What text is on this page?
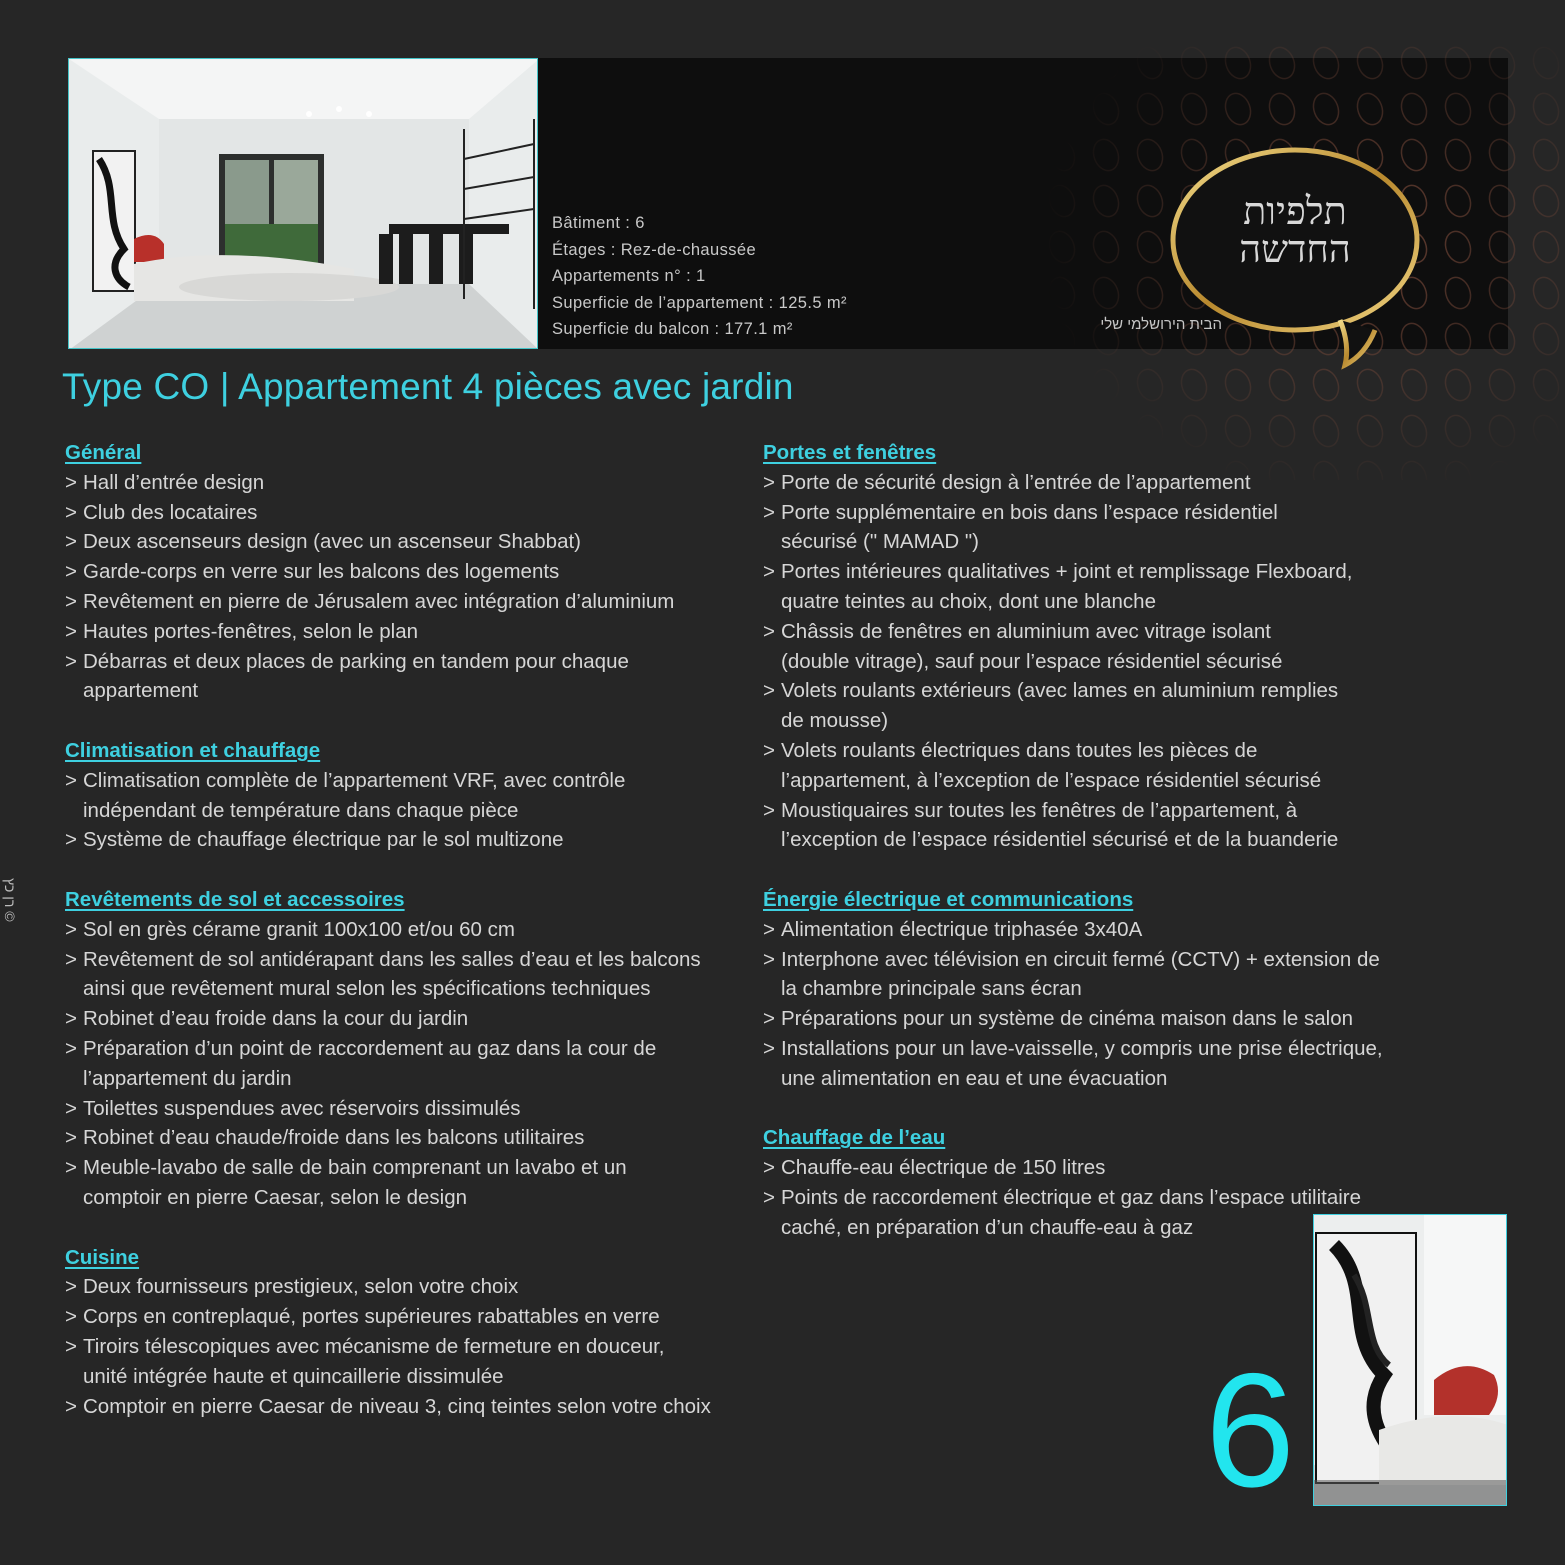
Bâtiment : 6
Étages : Rez-de-chaussée
Appartements n° : 1
Superficie de l’appartement : 125.5 m²
Superficie du balcon : 177.1 m²
תלפיות
החדשה
הבית הירושלמי שלי
Type CO | Appartement 4 pièces avec jardin
Général
> Hall d’entrée design
> Club des locataires
> Deux ascenseurs design (avec un ascenseur Shabbat)
> Garde-corps en verre sur les balcons des logements
> Revêtement en pierre de Jérusalem avec intégration d’aluminium
> Hautes portes-fenêtres, selon le plan
> Débarras et deux places de parking en tandem pour chaque
appartement
Climatisation et chauffage
> Climatisation complète de l’appartement VRF, avec contrôle
indépendant de température dans chaque pièce
> Système de chauffage électrique par le sol multizone
Revêtements de sol et accessoires
> Sol en grès cérame granit 100x100 et/ou 60 cm
> Revêtement de sol antidérapant dans les salles d’eau et les balcons
ainsi que revêtement mural selon les spécifications techniques
> Robinet d’eau froide dans la cour du jardin
> Préparation d’un point de raccordement au gaz dans la cour de
l’appartement du jardin
> Toilettes suspendues avec réservoirs dissimulés
> Robinet d’eau chaude/froide dans les balcons utilitaires
> Meuble-lavabo de salle de bain comprenant un lavabo et un
comptoir en pierre Caesar, selon le design
Cuisine
> Deux fournisseurs prestigieux, selon votre choix
> Corps en contreplaqué, portes supérieures rabattables en verre
> Tiroirs télescopiques avec mécanisme de fermeture en douceur,
unité intégrée haute et quincaillerie dissimulée
> Comptoir en pierre Caesar de niveau 3, cinq teintes selon votre choix
Portes et fenêtres
> Porte de sécurité design à l’entrée de l’appartement
> Porte supplémentaire en bois dans l’espace résidentiel
sécurisé (" MAMAD ")
> Portes intérieures qualitatives + joint et remplissage Flexboard,
quatre teintes au choix, dont une blanche
> Châssis de fenêtres en aluminium avec vitrage isolant
(double vitrage), sauf pour l’espace résidentiel sécurisé
> Volets roulants extérieurs (avec lames en aluminium remplies
de mousse)
> Volets roulants électriques dans toutes les pièces de
l’appartement, à l’exception de l’espace résidentiel sécurisé
> Moustiquaires sur toutes les fenêtres de l’appartement, à
l’exception de l’espace résidentiel sécurisé et de la buanderie
Énergie électrique et communications
> Alimentation électrique triphasée 3x40A
> Interphone avec télévision en circuit fermé (CCTV) + extension de
la chambre principale sans écran
> Préparations pour un système de cinéma maison dans le salon
> Installations pour un lave-vaisselle, y compris une prise électrique,
une alimentation en eau et une évacuation
Chauffage de l’eau
> Chauffe-eau électrique de 150 litres
> Points de raccordement électrique et gaz dans l’espace utilitaire
caché, en préparation d’un chauffe-eau à gaz
רן כץ ©
6
